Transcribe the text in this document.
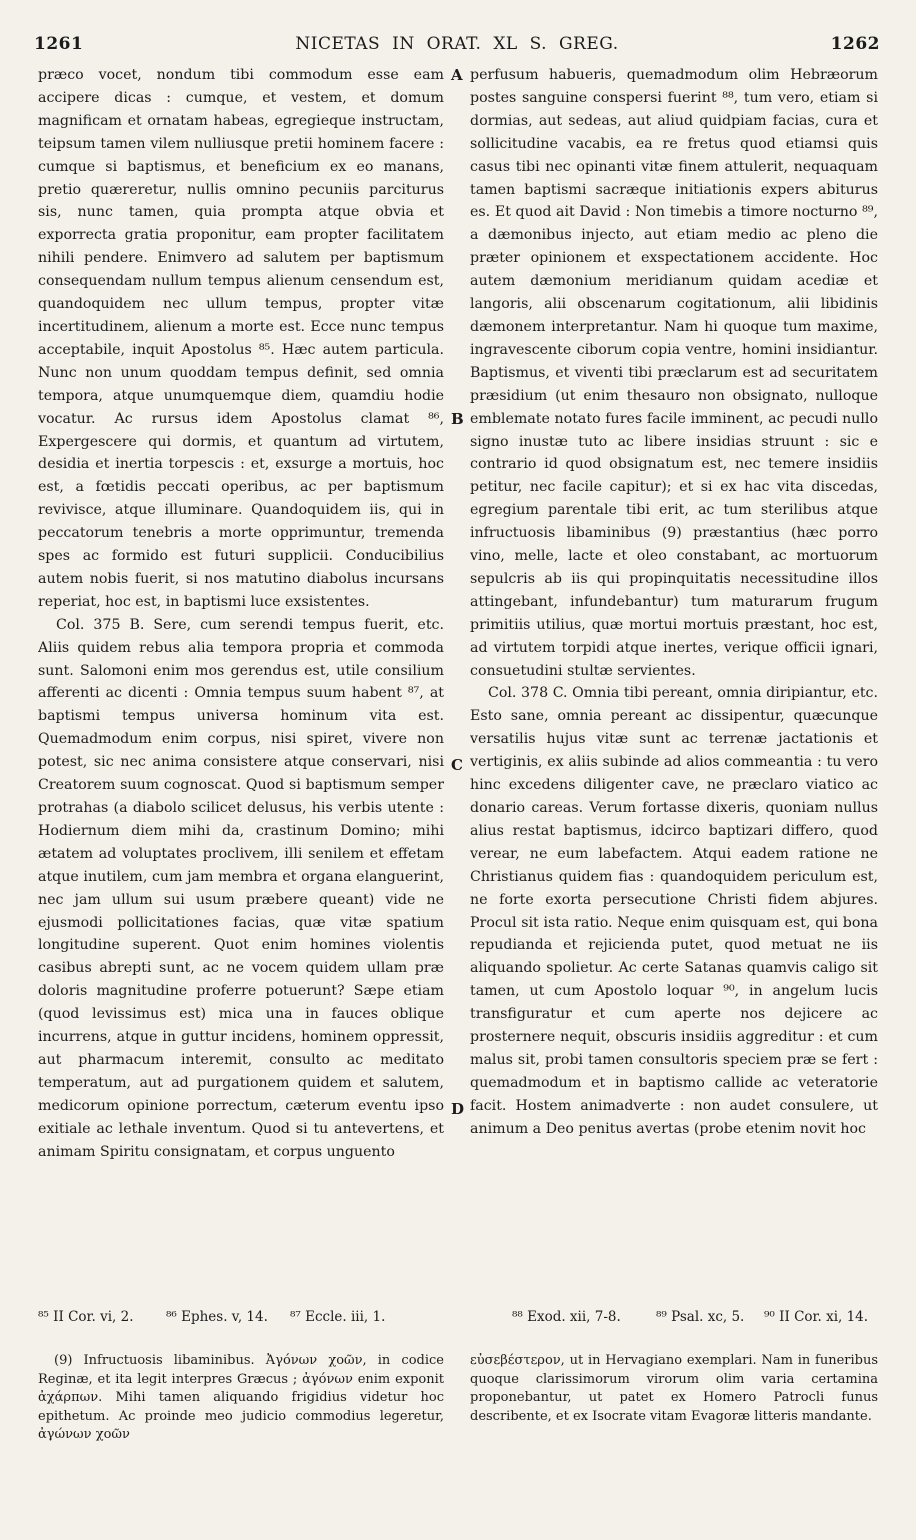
1261	NICETAS IN ORAT. XL S. GREG.	1262

præco vocet, nondum tibi commodum esse eam accipere dicas : cumque, et vestem, et domum magnificam et ornatam habeas, egregieque instructam, teipsum tamen vilem nulliusque pretii hominem facere : cumque si baptismus, et beneficium ex eo manans, pretio quæreretur, nullis omnino pecuniis parciturus sis, nunc tamen, quia prompta atque obvia et exporrecta gratia proponitur, eam propter facilitatem nihili pendere. Enimvero ad salutem per baptismum consequendam nullum tempus alienum censendum est, quandoquidem nec ullum tempus, propter vitæ incertitudinem, alienum a morte est. Ecce nunc tempus acceptabile, inquit Apostolus ⁸⁵. Hæc autem particula. Nunc non unum quoddam tempus definit, sed omnia tempora, atque unumquemque diem, quamdiu hodie vocatur. Ac rursus idem Apostolus clamat ⁸⁶, Expergescere qui dormis, et quantum ad virtutem, desidia et inertia torpescis : et, exsurge a mortuis, hoc est, a fœtidis peccati operibus, ac per baptismum reviviscе, atque illuminare. Quandoquidem iis, qui in peccatorum tenebris a morte opprimuntur, tremenda spes ac formido est futuri supplicii. Conducibilius autem nobis fuerit, si nos matutino diabolus incursans reperiat, hoc est, in baptismi luce exsistentes.

Col. 375 B. Sere, cum serendi tempus fuerit, etc. Aliis quidem rebus alia tempora propria et commoda sunt. Salomoni enim mos gerendus est, utile consilium afferenti ac dicenti : Omnia tempus suum habent ⁸⁷, at baptismi tempus universa hominum vita est. Quemadmodum enim corpus, nisi spiret, vivere non potest, sic nec anima consistere atque conservari, nisi Creatorem suum cognoscat. Quod si baptismum semper protrahas (a diabolo scilicet delusus, his verbis utente : Hodiernum diem mihi da, crastinum Domino; mihi ætatem ad voluptates proclivem, illi senilem et effetam atque inutilem, cum jam membra et organa elanguerint, nec jam ullum sui usum præbere queant) vide ne ejusmodi pollicitationes facias, quæ vitæ spatium longitudine superent. Quot enim homines violentis casibus abrepti sunt, ac ne vocem quidem ullam præ doloris magnitudine proferre potuerunt? Sæpe etiam (quod levissimus est) mica una in fauces oblique incurrens, atque in guttur incidens, hominem oppressit, aut pharmacum interemit, consulto ac meditato temperatum, aut ad purgationem quidem et salutem, medicorum opinione porrectum, cæterum eventu ipso exitiale ac lethale inventum. Quod si tu antevertens, et animam Spiritu consignatam, et corpus unguento

perfusum habueris, quemadmodum olim Hebræorum postes sanguine conspersi fuerint ⁸⁸, tum vero, etiam si dormias, aut sedeas, aut aliud quidpiam facias, cura et sollicitudine vacabis, ea re fretus quod etiamsi quis casus tibi nec opinanti vitæ finem attulerit, nequaquam tamen baptismi sacræque initiationis expers abiturus es. Et quod ait David : Non timebis a timore nocturno ⁸⁹, a dæmonibus injecto, aut etiam medio ac pleno die præter opinionem et exspectationem accidente. Hoc autem dæmonium meridianum quidam acediæ et langoris, alii obscenarum cogitationum, alii libidinis dæmonem interpretantur. Nam hi quoque tum maxime, ingravescente ciborum copia ventre, homini insidiantur. Baptismus, et viventi tibi præclarum est ad securitatem præsidium (ut enim thesauro non obsignato, nulloque emblemate notato fures facile imminent, ac pecudi nullo signo inustæ tuto ac libere insidias struunt : sic e contrario id quod obsignatum est, nec temere insidiis petitur, nec facile capitur); et si ex hac vita discedas, egregium parentale tibi erit, ac tum sterilibus atque infructuosis libaminibus (9) præstantius (hæc porro vino, melle, lacte et oleo constabant, ac mortuorum sepulcris ab iis qui propinquitatis necessitudine illos attingebant, infundebantur) tum maturarum frugum primitiis utilius, quæ mortui mortuis præstant, hoc est, ad virtutem torpidi atque inertes, verique officii ignari, consuetudini stultæ servientes.

Col. 378 C. Omnia tibi pereant, omnia diripiantur, etc. Esto sane, omnia pereant ac dissipentur, quæcunque versatilis hujus vitæ sunt ac terrenæ jactationis et vertiginis, ex aliis subinde ad alios commeantia : tu vero hinc excedens diligenter cave, ne præclaro viatico ac donario careas. Verum fortasse dixeris, quoniam nullus alius restat baptismus, idcirco baptizari differo, quod verear, ne eum labefactem. Atqui eadem ratione ne Christianus quidem fias : quandoquidem periculum est, ne forte exorta persecutione Christi fidem abjures. Procul sit ista ratio. Neque enim quisquam est, qui bona repudianda et rejicienda putet, quod metuat ne iis aliquando spolietur. Ac certe Satanas quamvis caligo sit tamen, ut cum Apostolo loquar ⁹⁰, in angelum lucis transfiguratur et cum aperte nos dejicere ac prosternere nequit, obscuris insidiis aggreditur : et cum malus sit, probi tamen consultoris speciem præ se fert : quemadmodum et in baptismo callide ac veteratorie facit. Hostem animadverte : non audet consulere, ut animum a Deo penitus avertas (probe etenim novit hoc

A
B
C
D
⁸⁵ II Cor. vi, 2. ⁸⁶ Ephes. v, 14. ⁸⁷ Eccle. iii, 1.	⁸⁸ Exod. xii, 7-8.	⁸⁹ Psal. xc, 5. ⁹⁰ II Cor. xi, 14.

(9) Infructuosis libaminibus. Ἀγόνων χοῶν, in codice Reginæ, et ita legit interpres Græcus ; ἀγόνων enim exponit ἀχάρπων. Mihi tamen aliquando frigidius videtur hoc epithetum. Ac proinde meo judicio commodius legeretur, ἀγώνων χοῶν

εὐσεβέστερον, ut in Hervagiano exemplari. Nam in funeribus quoque clarissimorum virorum olim varia certamina proponebantur, ut patet ex Homero Patrocli funus describente, et ex Isocrate vitam Evagoræ litteris mandante.
